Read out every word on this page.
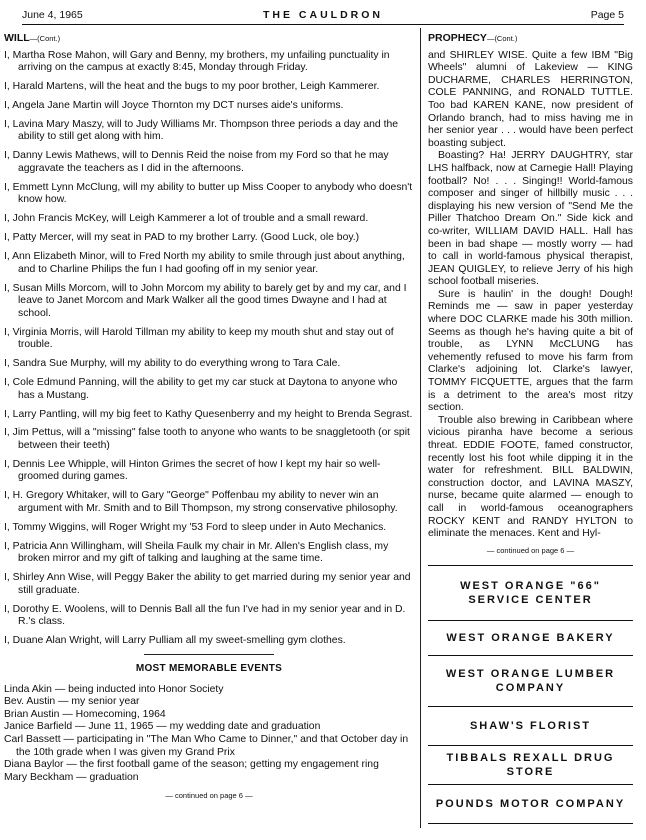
June 4, 1965	THE CAULDRON	Page 5
WILL—(Cont.)
I, Martha Rose Mahon, will Gary and Benny, my brothers, my unfailing punctuality in arriving on the campus at exactly 8:45, Monday through Friday.
I, Harald Martens, will the heat and the bugs to my poor brother, Leigh Kammerer.
I, Angela Jane Martin will Joyce Thornton my DCT nurses aide's uniforms.
I, Lavina Mary Maszy, will to Judy Williams Mr. Thompson three periods a day and the ability to still get along with him.
I, Danny Lewis Mathews, will to Dennis Reid the noise from my Ford so that he may aggravate the teachers as I did in the afternoons.
I, Emmett Lynn McClung, will my ability to butter up Miss Cooper to anybody who doesn't know how.
I, John Francis McKey, will Leigh Kammerer a lot of trouble and a small reward.
I, Patty Mercer, will my seat in PAD to my brother Larry. (Good Luck, ole boy.)
I, Ann Elizabeth Minor, will to Fred North my ability to smile through just about anything, and to Charline Philips the fun I had goofing off in my senior year.
I, Susan Mills Morcom, will to John Morcom my ability to barely get by and my car, and I leave to Janet Morcom and Mark Walker all the good times Dwayne and I had at school.
I, Virginia Morris, will Harold Tillman my ability to keep my mouth shut and stay out of trouble.
I, Sandra Sue Murphy, will my ability to do everything wrong to Tara Cale.
I, Cole Edmund Panning, will the ability to get my car stuck at Daytona to anyone who has a Mustang.
I, Larry Pantling, will my big feet to Kathy Quesenberry and my height to Brenda Segrast.
I, Jim Pettus, will a "missing" false tooth to anyone who wants to be snaggletooth (or spit between their teeth)
I, Dennis Lee Whipple, will Hinton Grimes the secret of how I kept my hair so well-groomed during games.
I, H. Gregory Whitaker, will to Gary "George" Poffenbau my ability to never win an argument with Mr. Smith and to Bill Thompson, my strong conservative philosophy.
I, Tommy Wiggins, will Roger Wright my '53 Ford to sleep under in Auto Mechanics.
I, Patricia Ann Willingham, will Sheila Faulk my chair in Mr. Allen's English class, my broken mirror and my gift of talking and laughing at the same time.
I, Shirley Ann Wise, will Peggy Baker the ability to get married during my senior year and still graduate.
I, Dorothy E. Woolens, will to Dennis Ball all the fun I've had in my senior year and in D. R.'s class.
I, Duane Alan Wright, will Larry Pulliam all my sweet-smelling gym clothes.
MOST MEMORABLE EVENTS
Linda Akin — being inducted into Honor Society
Bev. Austin — my senior year
Brian Austin — Homecoming, 1964
Janice Barfield — June 11, 1965 — my wedding date and graduation
Carl Bassett — participating in "The Man Who Came to Dinner," and that October day in the 10th grade when I was given my Grand Prix
Diana Baylor — the first football game of the season; getting my engagement ring
Mary Beckham — graduation
— continued on page 6 —
PROPHECY—(Cont.)

and SHIRLEY WISE. Quite a few IBM "Big Wheels" alumni of Lakeview — KING DUCHARME, CHARLES HERRINGTON, COLE PANNING, and RONALD TUTTLE. Too bad KAREN KANE, now president of Orlando branch, had to miss having me in her senior year . . . would have been perfect boasting subject.

Boasting? Ha! JERRY DAUGHTRY, star LHS halfback, now at Carnegie Hall! Playing football? No! . . . Singing!! World-famous composer and singer of hillbilly music . . . displaying his new version of "Send Me the Piller Thatchoo Dream On." Side kick and co-writer, WILLIAM DAVID HALL. Hall has been in bad shape — mostly worry — had to call in world-famous physical therapist, JEAN QUIGLEY, to relieve Jerry of his high school football miseries.

Sure is haulin' in the dough! Dough! Reminds me — saw in paper yesterday where DOC CLARKE made his 30th million. Seems as though he's having quite a bit of trouble, as LYNN McCLUNG has vehemently refused to move his farm from Clarke's adjoining lot. Clarke's lawyer, TOMMY FICQUETTE, argues that the farm is a detriment to the area's most ritzy section.

Trouble also brewing in Caribbean where vicious piranha have become a serious threat. EDDIE FOOTE, famed constructor, recently lost his foot while dipping it in the water for refreshment. BILL BALDWIN, construction doctor, and LAVINA MASZY, nurse, became quite alarmed — enough to call in world-famous oceanographers ROCKY KENT and RANDY HYLTON to eliminate the menaces. Kent and Hyl-

— continued on page 6 —
WEST ORANGE "66"
SERVICE CENTER
WEST ORANGE BAKERY
WEST ORANGE LUMBER
COMPANY
SHAW'S FLORIST
TIBBALS REXALL DRUG STORE
POUNDS MOTOR COMPANY
